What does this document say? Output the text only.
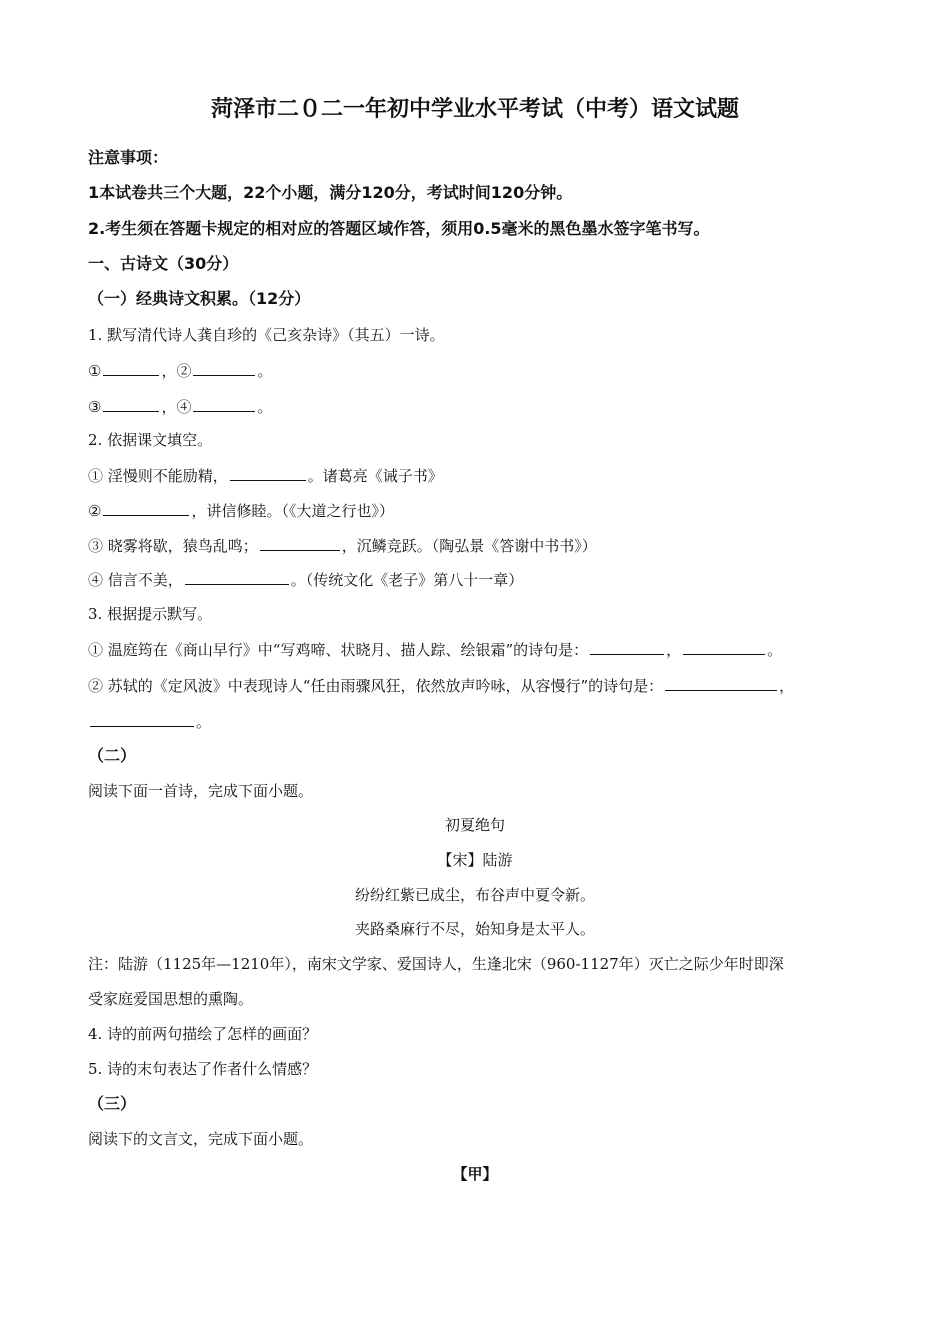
菏泽市二０二一年初中学业水平考试（中考）语文试题
注意事项：
1本试卷共三个大题，22个小题，满分120分，考试时间120分钟。
2.考生须在答题卡规定的相对应的答题区域作答，须用0.5毫米的黑色墨水签字笔书写。
一、古诗文（30分）
（一）经典诗文积累。（12分）
1. 默写清代诗人龚自珍的《己亥杂诗》（其五）一诗。
①	，②	。
③	，④	。
2. 依据课文填空。
① 淫慢则不能励精，	。诸葛亮《诫子书》
②	，讲信修睦。（《大道之行也》）
③ 晓雾将歇，猿鸟乱鸣；	，沉鳞竞跃。（陶弘景《答谢中书书》）
④ 信言不美，	。（传统文化《老子》第八十一章）
3. 根据提示默写。
① 温庭筠在《商山早行》中“写鸡啼、状晓月、描人踪、绘银霜”的诗句是：	，	。
② 苏轼的《定风波》中表现诗人“任由雨骤风狂，依然放声吟咏，从容慢行”的诗句是：	，
。
（二）
阅读下面一首诗，完成下面小题。
初夏绝句
【宋】陆游
纷纷红紫已成尘，布谷声中夏令新。
夹路桑麻行不尽，始知身是太平人。
注：陆游（1125年—1210年），南宋文学家、爱国诗人，生逢北宋（960-1127年）灭亡之际少年时即深
受家庭爱国思想的熏陶。
4. 诗的前两句描绘了怎样的画面？
5. 诗的末句表达了作者什么情感？
（三）
阅读下的文言文，完成下面小题。
【甲】
